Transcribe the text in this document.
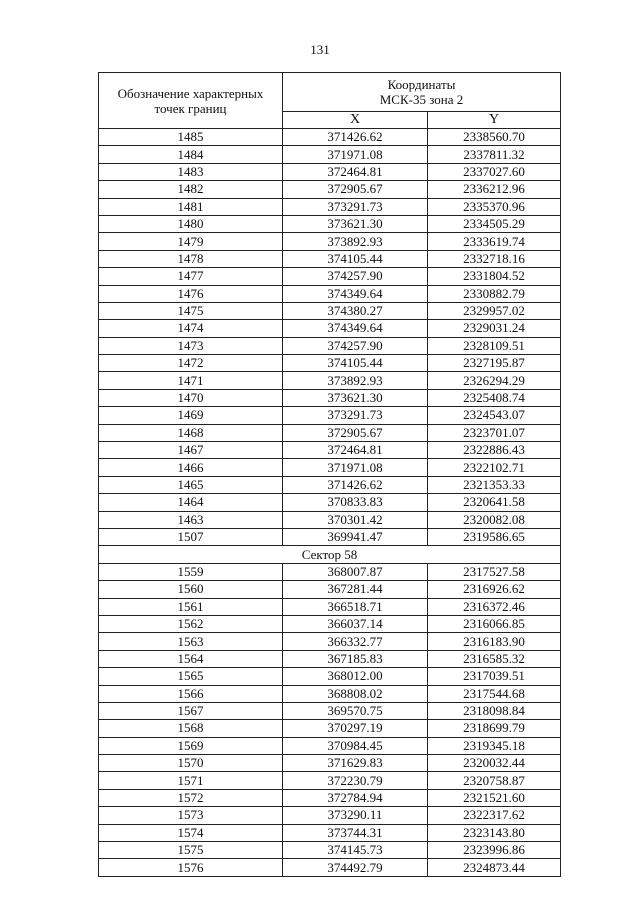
131
Обозначение характерных
точек границ	Координаты
МСК-35 зона 2	

	X	Y
1485	371426.62	2338560.70
1484	371971.08	2337811.32
1483	372464.81	2337027.60
1482	372905.67	2336212.96
1481	373291.73	2335370.96
1480	373621.30	2334505.29
1479	373892.93	2333619.74
1478	374105.44	2332718.16
1477	374257.90	2331804.52
1476	374349.64	2330882.79
1475	374380.27	2329957.02
1474	374349.64	2329031.24
1473	374257.90	2328109.51
1472	374105.44	2327195.87
1471	373892.93	2326294.29
1470	373621.30	2325408.74
1469	373291.73	2324543.07
1468	372905.67	2323701.07
1467	372464.81	2322886.43
1466	371971.08	2322102.71
1465	371426.62	2321353.33
1464	370833.83	2320641.58
1463	370301.42	2320082.08
1507	369941.47	2319586.65
Сектор 58		
1559	368007.87	2317527.58
1560	367281.44	2316926.62
1561	366518.71	2316372.46
1562	366037.14	2316066.85
1563	366332.77	2316183.90
1564	367185.83	2316585.32
1565	368012.00	2317039.51
1566	368808.02	2317544.68
1567	369570.75	2318098.84
1568	370297.19	2318699.79
1569	370984.45	2319345.18
1570	371629.83	2320032.44
1571	372230.79	2320758.87
1572	372784.94	2321521.60
1573	373290.11	2322317.62
1574	373744.31	2323143.80
1575	374145.73	2323996.86
1576	374492.79	2324873.44
